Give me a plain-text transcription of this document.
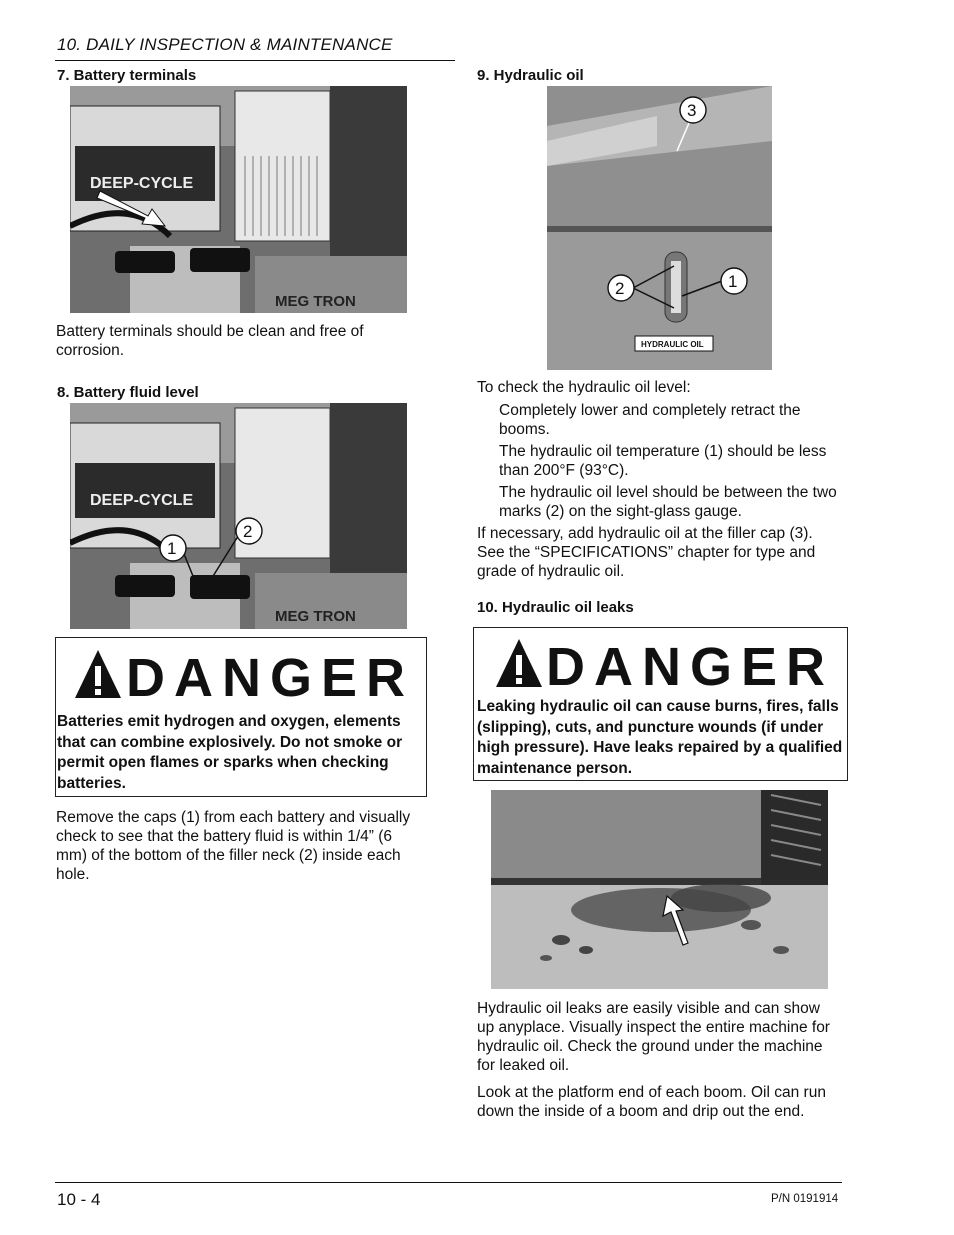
10. DAILY INSPECTION & MAINTENANCE
7. Battery terminals
DEEP-CYCLE
MEG TRON
Battery terminals should be clean and free of corrosion.
8. Battery fluid level
DEEP-CYCLE
MEG TRON
1
2
DANGER
Batteries emit hydrogen and oxygen, elements that can combine explosively. Do not smoke or permit open flames or sparks when checking batteries.
Remove the caps (1) from each battery and visually check to see that the battery fluid is within 1/4” (6 mm) of the bottom of the filler neck (2) inside each hole.
9. Hydraulic oil
HYDRAULIC OIL
3
2	1
To check the hydraulic oil level:
Completely lower and completely retract the booms.
The hydraulic oil temperature (1) should be less than 200°F (93°C).
The hydraulic oil level should be between the two marks (2) on the sight-glass gauge.
If necessary, add hydraulic oil at the filler cap (3). See the “SPECIFICATIONS” chapter for type and grade of hydraulic oil.
10. Hydraulic oil leaks
DANGER
Leaking hydraulic oil can cause burns, fires, falls (slipping), cuts, and puncture wounds (if under high pressure). Have leaks repaired by a qualified maintenance person.
Hydraulic oil leaks are easily visible and can show up anyplace. Visually inspect the entire machine for hydraulic oil. Check the ground under the machine for leaked oil.
Look at the platform end of each boom. Oil can run down the inside of a boom and drip out the end.
10 - 4	P/N 0191914
